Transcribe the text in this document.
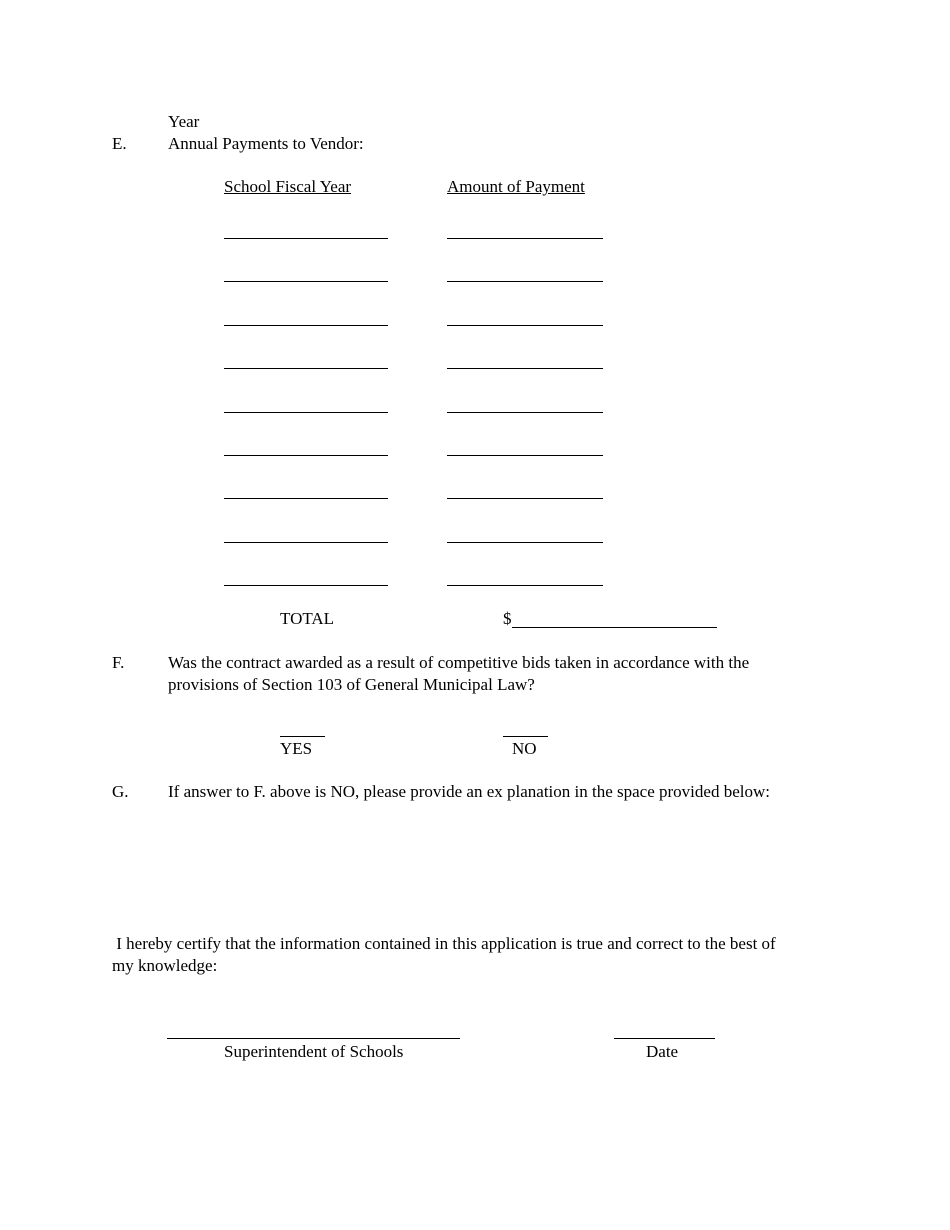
Year
E. Annual Payments to Vendor:
School Fiscal Year	Amount of Payment
TOTAL	$
F.	Was the contract awarded as a result of competitive bids taken in accordance with the
provisions of Section 103 of General Municipal Law?
YES	NO
G. If answer to F. above is NO, please provide an ex planation in the space provided below:
I hereby certify that the information contained in this application is true and correct to the best of
my knowledge:
Superintendent of Schools	Date
